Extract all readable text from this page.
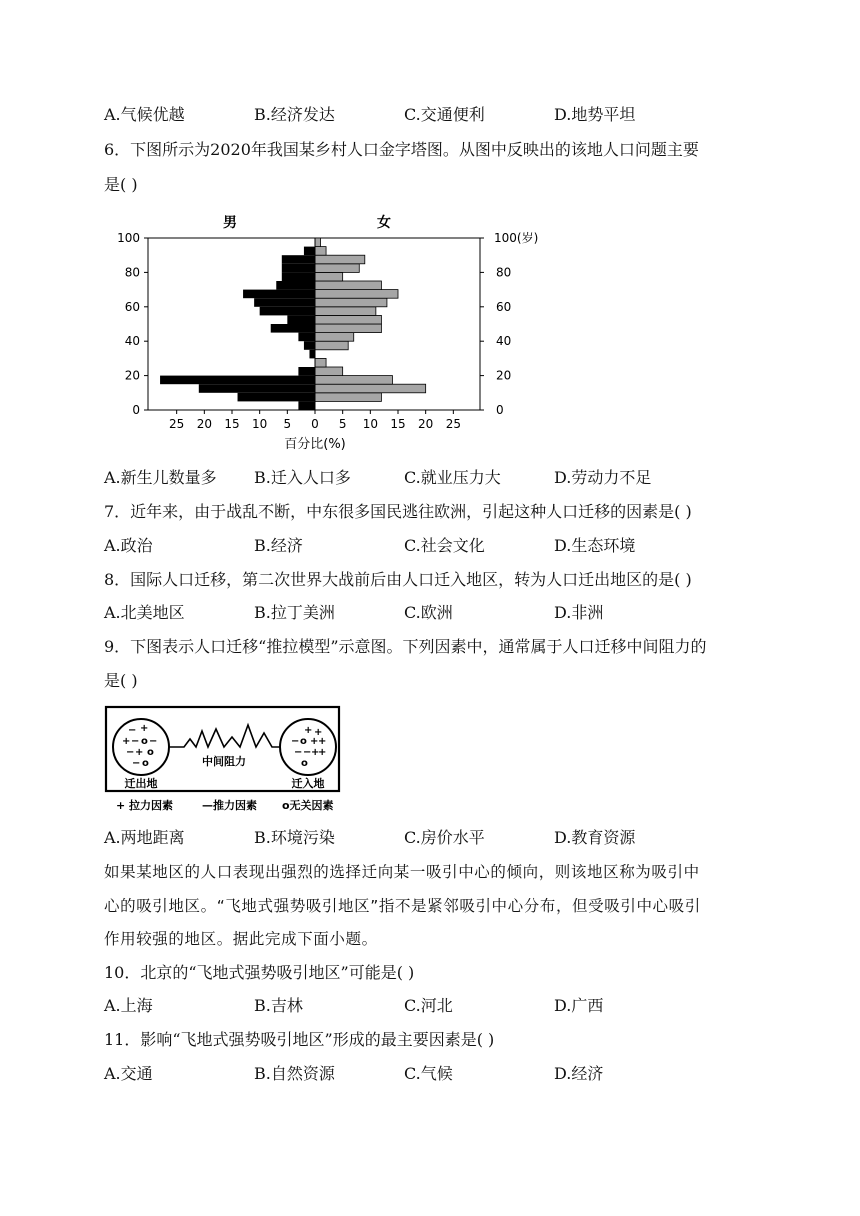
A.气候优越	B.经济发达	C.交通便利	D.地势平坦
6．下图所示为2020年我国某乡村人口金字塔图。从图中反映出的该地人口问题主要
是( )
0
20
40
60
80
100
0
20
40
60
80
100(岁)
25 20 15 10 5 0 5 10 15 20 25
男	女
百分比(%)
A.新生儿数量多 B.迁入人口多	C.就业压力大	D.劳动力不足
7．近年来，由于战乱不断，中东很多国民逃往欧洲，引起这种人口迁移的因素是( )
A.政治	B.经济	C.社会文化	D.生态环境
8．国际人口迁移，第二次世界大战前后由人口迁入地区，转为人口迁出地区的是( )
A.北美地区	B.拉丁美洲	C.欧洲	D.非洲
9．下图表示人口迁移“推拉模型”示意图。下列因素中，通常属于人口迁移中间阻力的
是( )
− +
+ − o −
− + o
− o
+ +
− o + +
− − +
+
o
中间阻力
迁出地	迁入地
+ 拉力因素	—推力因素 o无关因素
A.两地距离	B.环境污染	C.房价水平	D.教育资源
如果某地区的人口表现出强烈的选择迁向某一吸引中心的倾向，则该地区称为吸引中
心的吸引地区。“飞地式强势吸引地区”指不是紧邻吸引中心分布，但受吸引中心吸引
作用较强的地区。据此完成下面小题。
10．北京的“飞地式强势吸引地区”可能是( )
A.上海	B.吉林	C.河北	D.广西
11．影响“飞地式强势吸引地区”形成的最主要因素是( )
A.交通	B.自然资源	C.气候	D.经济
